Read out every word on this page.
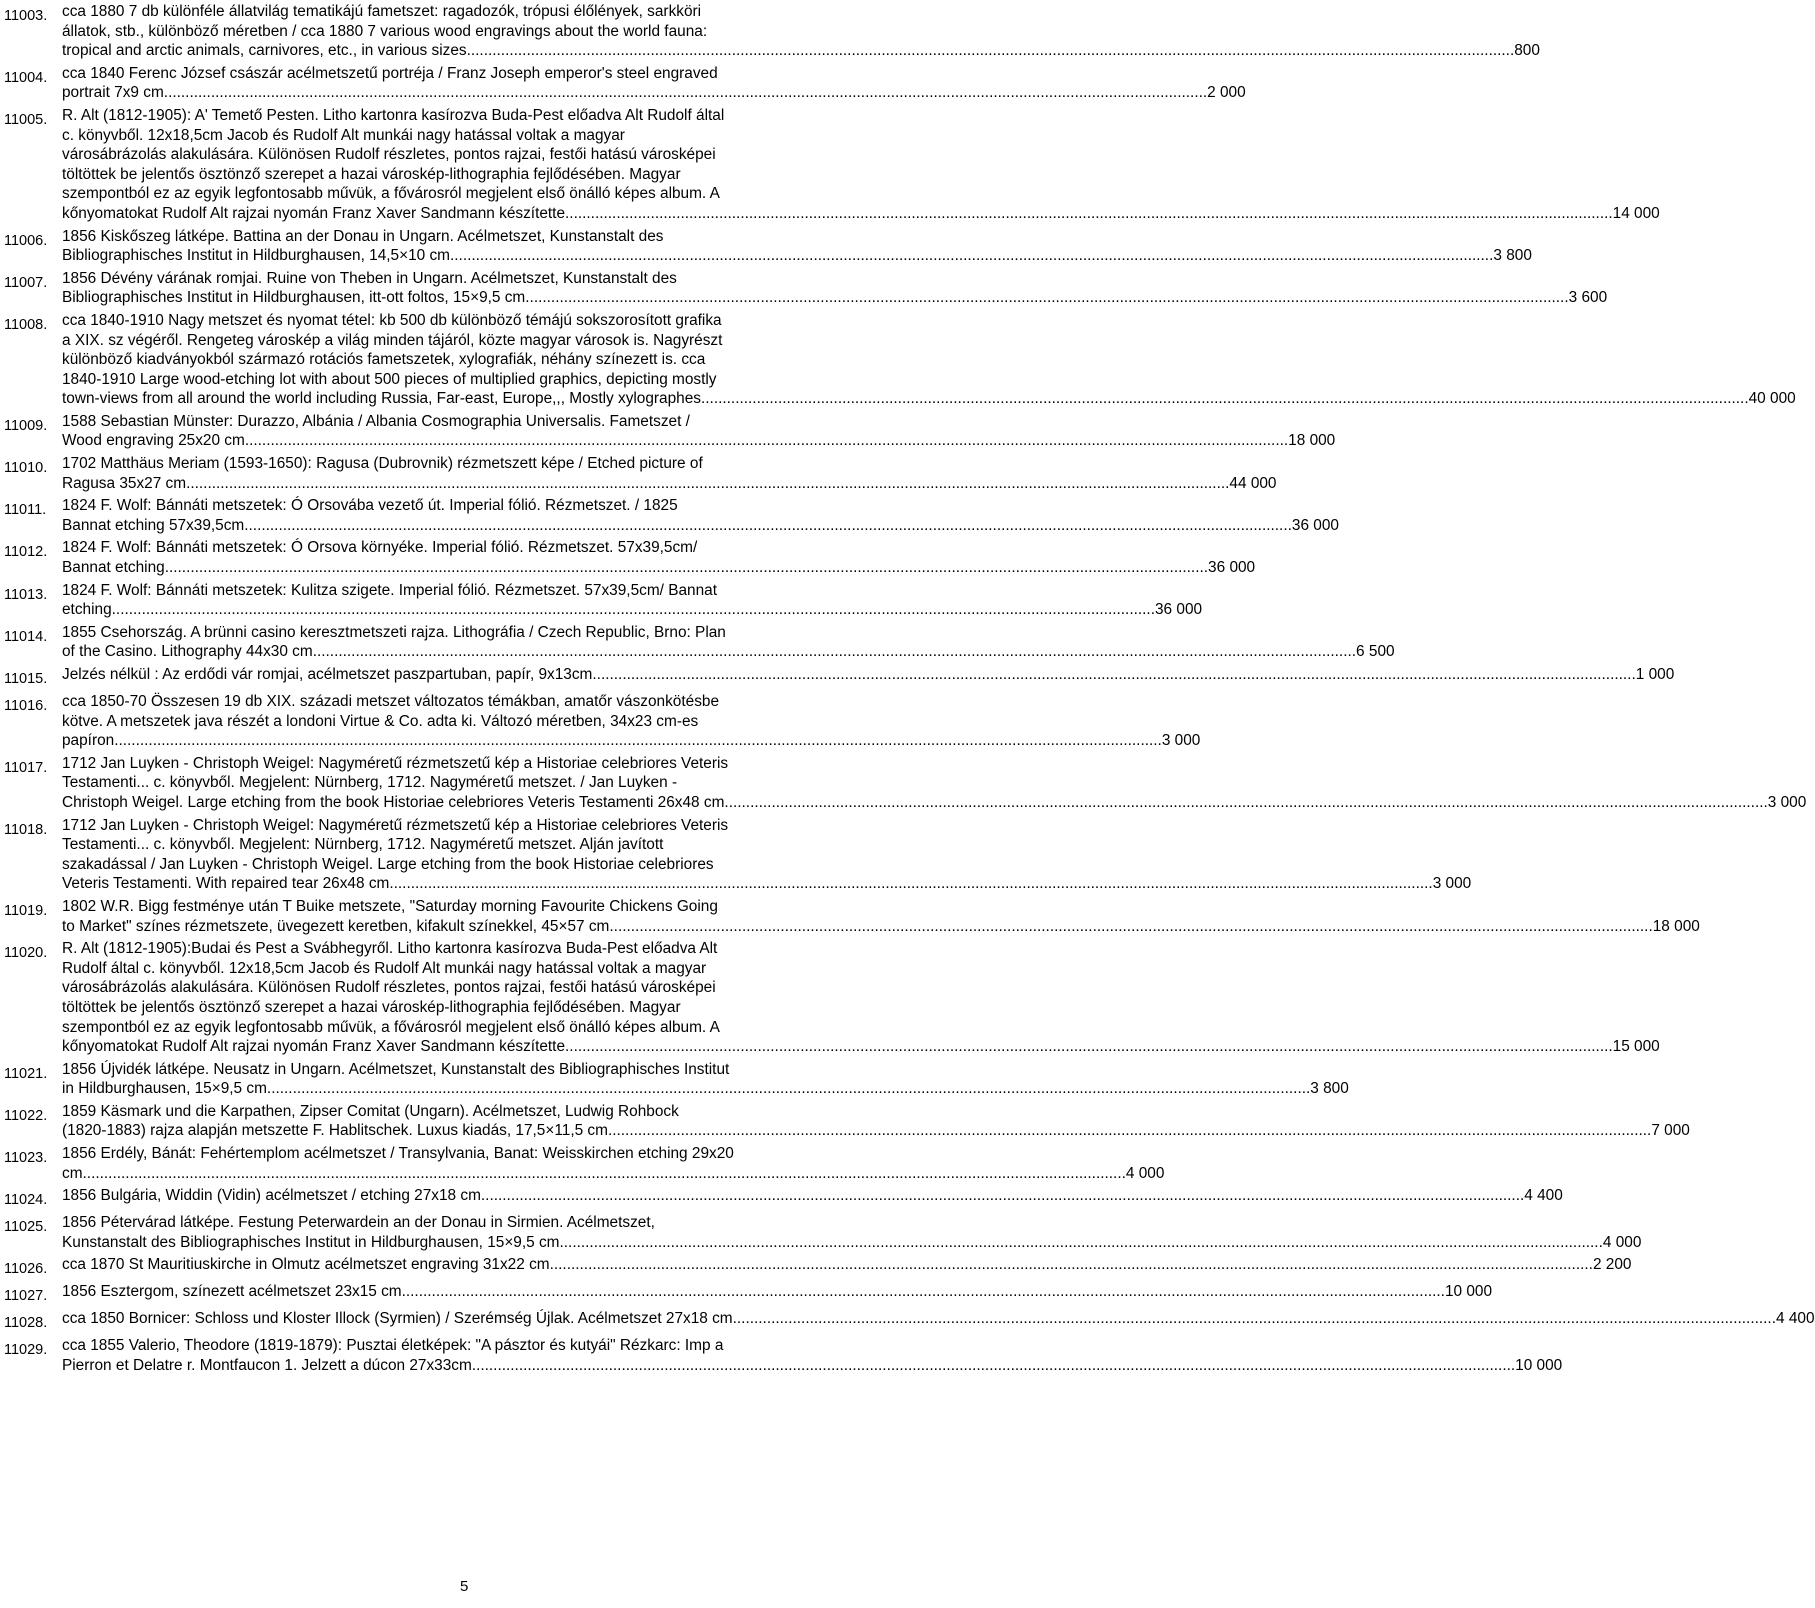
11003. cca 1880 7 db különféle állatvilág tematikájú fametszet: ragadozók, trópusi élőlények, sarkköri
állatok, stb., különböző méretben / cca 1880 7 various wood engravings about the world fauna:
tropical and arctic animals, carnivores, etc., in various sizes. .....	800
11004. cca 1840 Ferenc József császár acélmetszetű portréja / Franz Joseph emperor's steel engraved
portrait 7x9 cm .....	2 000
11005. R. Alt (1812-1905): A' Temető Pesten. Litho kartonra kasírozva Buda-Pest előadva Alt Rudolf által
c. könyvből. 12x18,5cm Jacob és Rudolf Alt munkái nagy hatással voltak a magyar
városábrázolás alakulására. Különösen Rudolf részletes, pontos rajzai, festői hatású városképei
töltöttek be jelentős ösztönző szerepet a hazai városkép-lithographia fejlődésében. Magyar
szempontból ez az egyik legfontosabb művük, a fővárosról megjelent első önálló képes album. A
kőnyomatokat Rudolf Alt rajzai nyomán Franz Xaver Sandmann készítette. .....	14 000
11006. 1856 Kiskőszeg látképe. Battina an der Donau in Ungarn. Acélmetszet, Kunstanstalt des
Bibliographisches Institut in Hildburghausen, 14,5×10 cm .....	3 800
11007. 1856 Dévény várának romjai. Ruine von Theben in Ungarn. Acélmetszet, Kunstanstalt des
Bibliographisches Institut in Hildburghausen, itt-ott foltos, 15×9,5 cm .....	3 600
11008. cca 1840-1910 Nagy metszet és nyomat tétel: kb 500 db különböző témájú sokszorosított grafika
a XIX. sz végéről. Rengeteg városkép a világ minden tájáról, közte magyar városok is. Nagyrészt
különböző kiadványokból származó rotációs fametszetek, xylografiák, néhány színezett is. cca
1840-1910 Large wood-etching lot with about 500 pieces of multiplied graphics, depicting mostly
town-views from all around the world including Russia, Far-east, Europe,,, Mostly xylographes. .....	40 000
11009. 1588 Sebastian Münster: Durazzo, Albánia / Albania Cosmographia Universalis. Fametszet /
Wood engraving 25x20 cm .....	18 000
11010. 1702 Matthäus Meriam (1593-1650): Ragusa (Dubrovnik) rézmetszett képe / Etched picture of
Ragusa 35x27 cm .....	44 000
11011.	1824 F. Wolf: Bánnáti metszetek: Ó Orsovába vezető út. Imperial fólió. Rézmetszet. / 1825
Bannat etching 57x39,5cm. .....	36 000
11012. 1824 F. Wolf: Bánnáti metszetek: Ó Orsova környéke. Imperial fólió. Rézmetszet. 57x39,5cm/
Bannat etching .....	36 000
11013. 1824 F. Wolf: Bánnáti metszetek: Kulitza szigete. Imperial fólió. Rézmetszet. 57x39,5cm/ Bannat
etching .....	36 000
11014. 1855 Csehország. A brünni casino keresztmetszeti rajza. Lithográfia / Czech Republic, Brno: Plan
of the Casino. Lithography 44x30 cm .....	6 500
11015. Jelzés nélkül : Az erdődi vár romjai, acélmetszet paszpartuban, papír, 9x13cm .....	1 000
11016. cca 1850-70 Összesen 19 db XIX. századi metszet változatos témákban, amatőr vászonkötésbe
kötve. A metszetek java részét a londoni Virtue & Co. adta ki. Változó méretben, 34x23 cm-es
papíron. .....	3 000
11017. 1712 Jan Luyken - Christoph Weigel: Nagyméretű rézmetszetű kép a Historiae celebriores Veteris
Testamenti... c. könyvből. Megjelent: Nürnberg, 1712. Nagyméretű metszet. / Jan Luyken -
Christoph Weigel. Large etching from the book Historiae celebriores Veteris Testamenti 26x48 cm .....	3 000
11018. 1712 Jan Luyken - Christoph Weigel: Nagyméretű rézmetszetű kép a Historiae celebriores Veteris
Testamenti... c. könyvből. Megjelent: Nürnberg, 1712. Nagyméretű metszet. Alján javított
szakadással / Jan Luyken - Christoph Weigel. Large etching from the book Historiae celebriores
Veteris Testamenti. With repaired tear 26x48 cm .....	3 000
11019. 1802 W.R. Bigg festménye után T Buike metszete, "Saturday morning Favourite Chickens Going
to Market" színes rézmetszete, üvegezett keretben, kifakult színekkel, 45×57 cm .....	18 000
11020. R. Alt (1812-1905):Budai és Pest a Svábhegyről. Litho kartonra kasírozva Buda-Pest előadva Alt
Rudolf által c. könyvből. 12x18,5cm Jacob és Rudolf Alt munkái nagy hatással voltak a magyar
városábrázolás alakulására. Különösen Rudolf részletes, pontos rajzai, festői hatású városképei
töltöttek be jelentős ösztönző szerepet a hazai városkép-lithographia fejlődésében. Magyar
szempontból ez az egyik legfontosabb művük, a fővárosról megjelent első önálló képes album. A
kőnyomatokat Rudolf Alt rajzai nyomán Franz Xaver Sandmann készítette. .....	15 000
11021. 1856 Újvidék látképe. Neusatz in Ungarn. Acélmetszet, Kunstanstalt des Bibliographisches Institut
in Hildburghausen, 15×9,5 cm .....	3 800
11022. 1859 Käsmark und die Karpathen, Zipser Comitat (Ungarn). Acélmetszet, Ludwig Rohbock
(1820-1883) rajza alapján metszette F. Hablitschek. Luxus kiadás, 17,5×11,5 cm .....	7 000
11023. 1856 Erdély, Bánát: Fehértemplom acélmetszet / Transylvania, Banat: Weisskirchen etching 29x20
cm .....	4 000
11024. 1856 Bulgária, Widdin (Vidin) acélmetszet / etching 27x18 cm .....	4 400
11025. 1856 Pétervárad látképe. Festung Peterwardein an der Donau in Sirmien. Acélmetszet,
Kunstanstalt des Bibliographisches Institut in Hildburghausen, 15×9,5 cm .....	4 000
11026. cca 1870 St Mauritiuskirche in Olmutz acélmetszet engraving 31x22 cm .....	2 200
11027. 1856 Esztergom, színezett acélmetszet 23x15 cm .....	10 000
11028. cca 1850 Bornicer: Schloss und Kloster Illock (Syrmien) / Szerémség Újlak. Acélmetszet 27x18 cm .....	4 400
11029. cca 1855 Valerio, Theodore (1819-1879): Pusztai életképek: "A pásztor és kutyái" Rézkarc: Imp a
Pierron et Delatre r. Montfaucon 1. Jelzett a dúcon 27x33cm .....	10 000
5
